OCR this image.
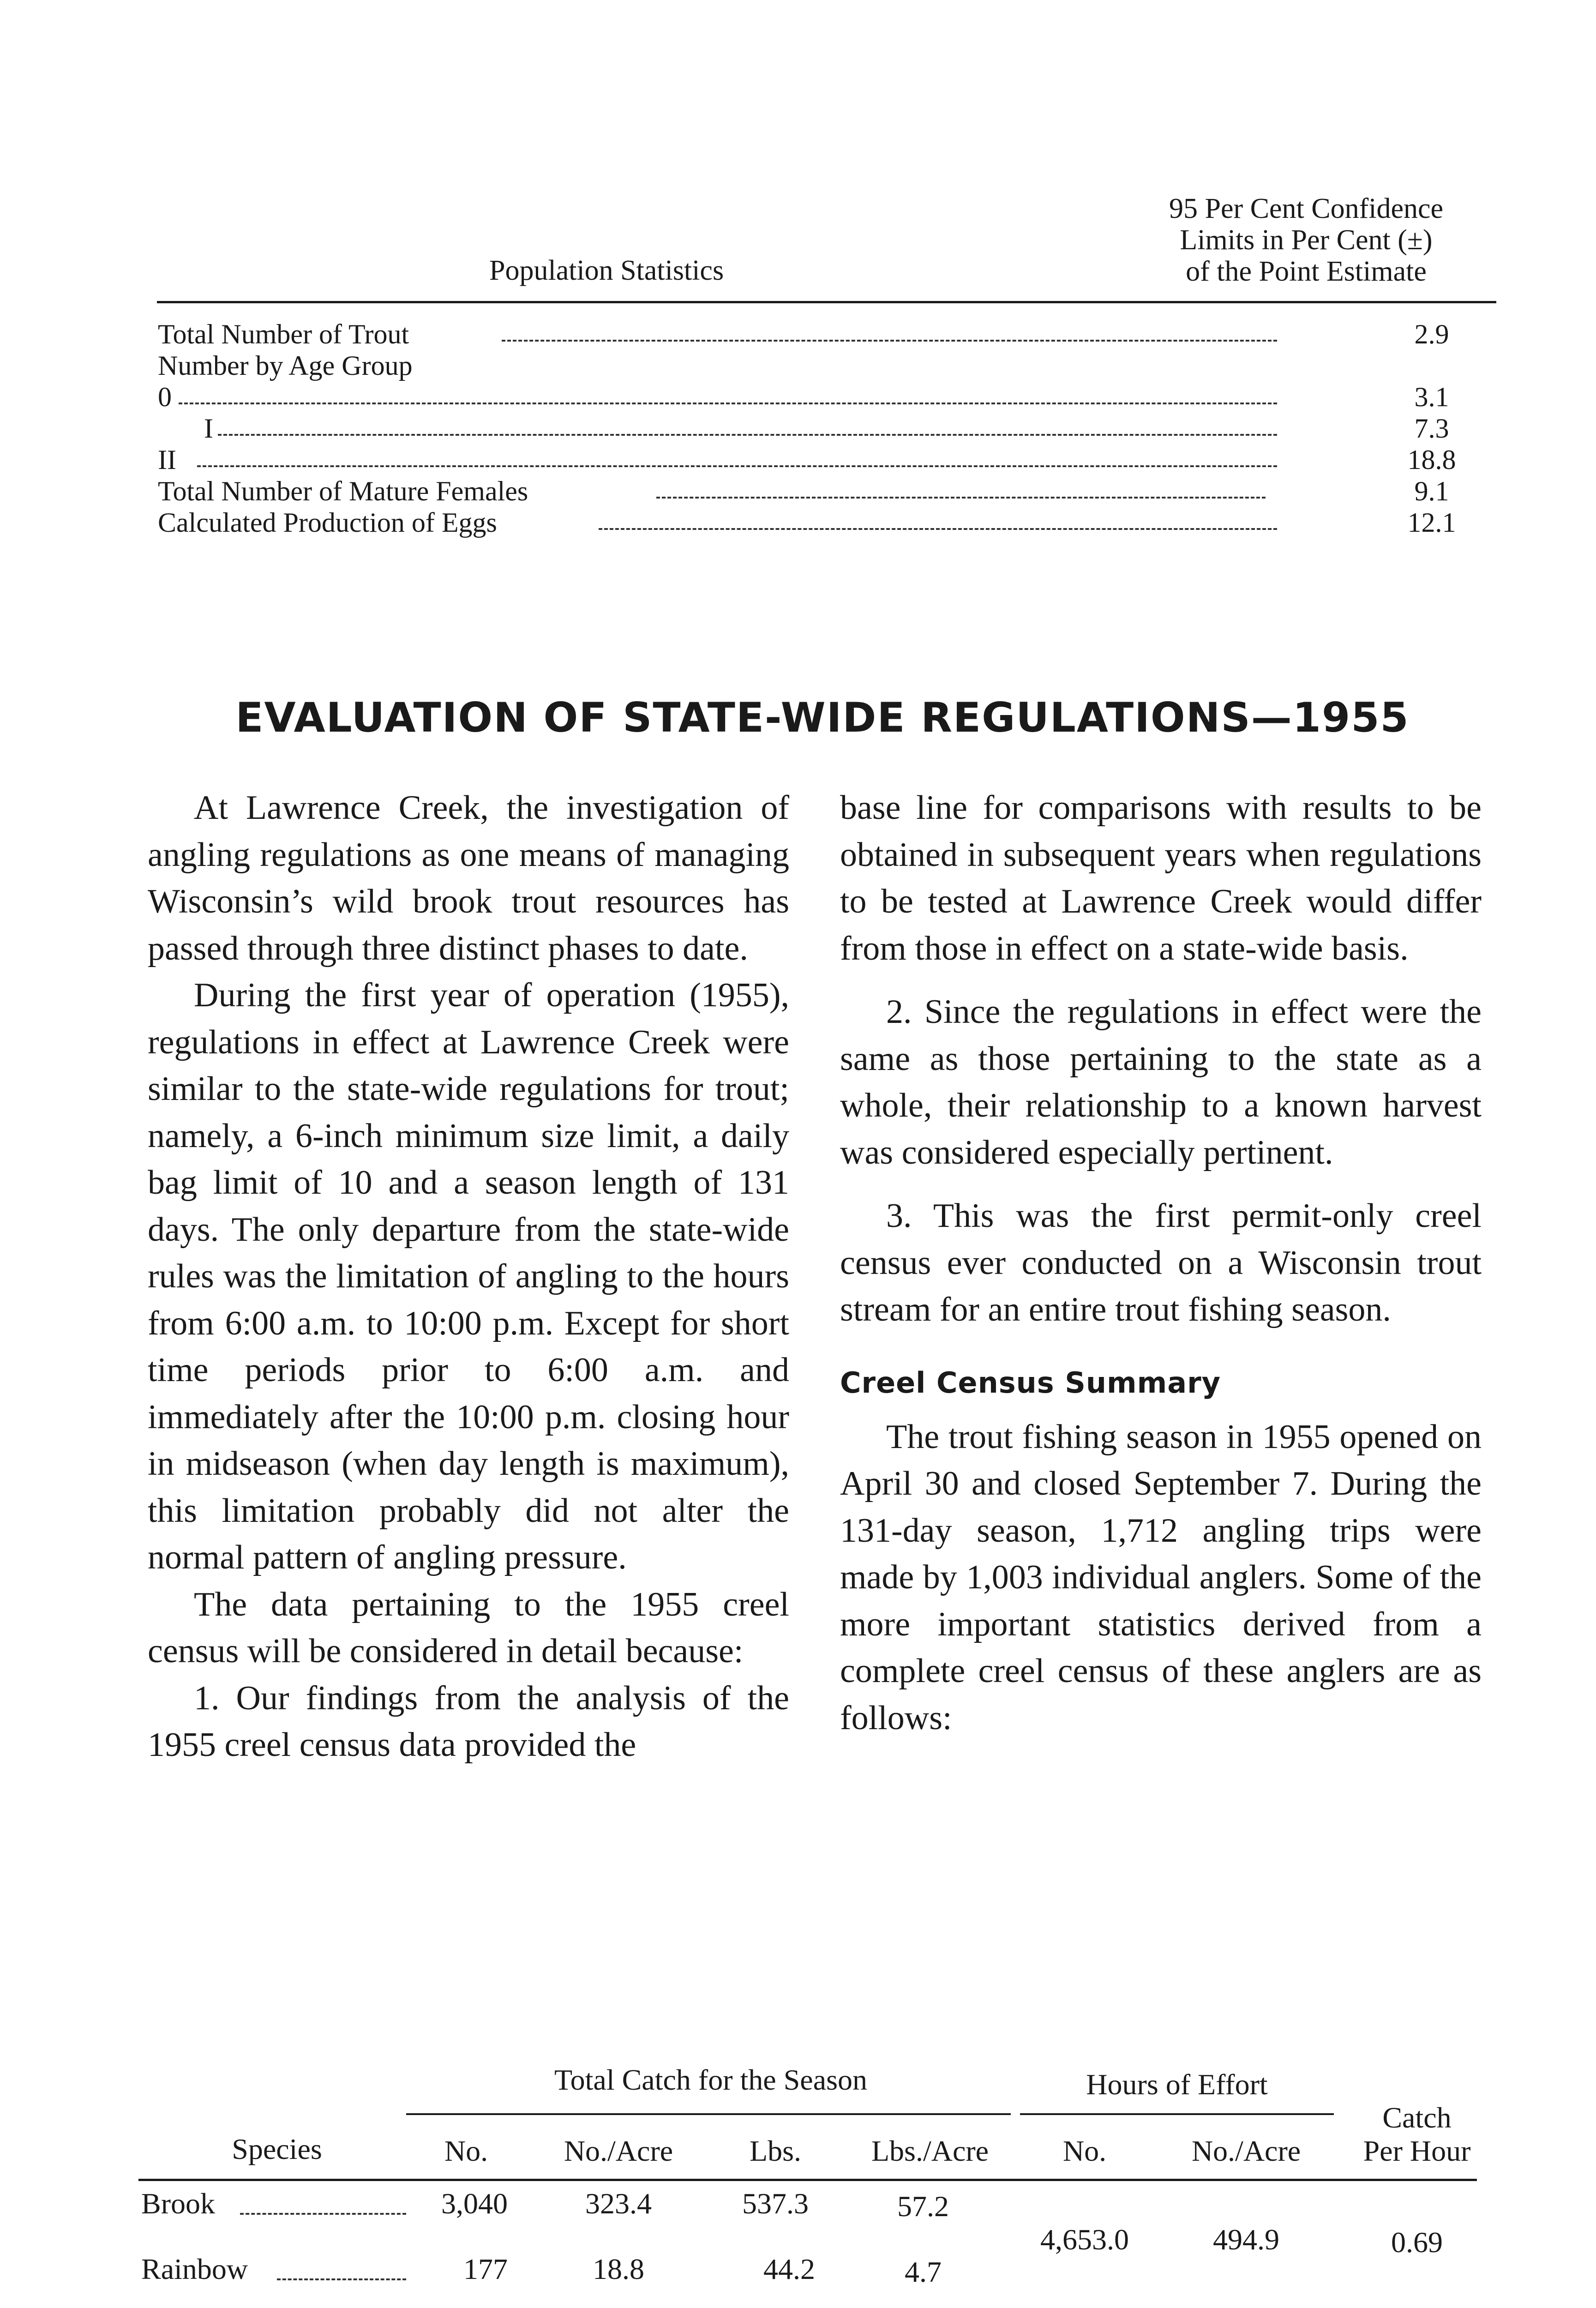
95 Per Cent Confidence
Limits in Per Cent (±)
of the Point Estimate
Population Statistics
Total Number of Trout	2.9
Number by Age Group
0	3.1
I	7.3
II	18.8
Total Number of Mature Females	9.1
Calculated Production of Eggs	12.1
EVALUATION OF STATE-WIDE REGULATIONS—1955

At Lawrence Creek, the investigation of angling regulations as one means of managing Wisconsin’s wild brook trout resources has passed through three distinct phases to date.

During the first year of operation (1955), regulations in effect at Lawrence Creek were similar to the state-wide regulations for trout; namely, a 6-inch minimum size limit, a daily bag limit of 10 and a season length of 131 days. The only departure from the state-wide rules was the limitation of angling to the hours from 6:00 a.m. to 10:00 p.m. Except for short time periods prior to 6:00 a.m. and immediately after the 10:00 p.m. closing hour in midseason (when day length is maximum), this limitation probably did not alter the normal pattern of angling pressure.

The data pertaining to the 1955 creel census will be considered in detail because:

1. Our findings from the analysis of the 1955 creel census data provided the

base line for comparisons with results to be obtained in subsequent years when regulations to be tested at Lawrence Creek would differ from those in effect on a state-wide basis.

2. Since the regulations in effect were the same as those pertaining to the state as a whole, their relationship to a known harvest was considered especially pertinent.

3. This was the first permit-only creel census ever conducted on a Wisconsin trout stream for an entire trout fishing season.

Creel Census Summary

The trout fishing season in 1955 opened on April 30 and closed September 7. During the 131-day season, 1,712 angling trips were made by 1,003 individual anglers. Some of the more important statistics derived from a complete creel census of these anglers are as follows:

Total Catch for the Season	Hours of Effort
Catch
Per Hour
Species	No.	No./Acre	Lbs.	Lbs./Acre	No.	No./Acre
Brook	3,040	323.4	537.3	57.2
Rainbow	177	18.8	44.2	4.7
4,653.0	494.9	0.69
